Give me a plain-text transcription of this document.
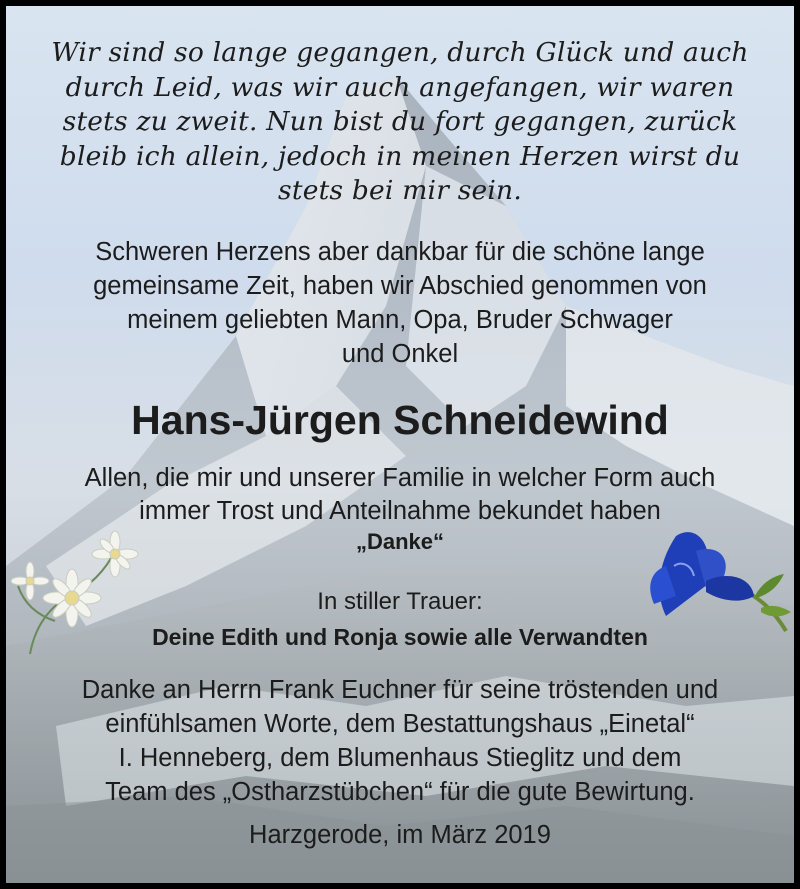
Wir sind so lange gegangen, durch Glück und auch
durch Leid, was wir auch angefangen, wir waren
stets zu zweit. Nun bist du fort gegangen, zurück
bleib ich allein, jedoch in meinen Herzen wirst du
stets bei mir sein.

Schweren Herzens aber dankbar für die schöne lange
gemeinsame Zeit, haben wir Abschied genommen von
meinem geliebten Mann, Opa, Bruder Schwager
und Onkel

Hans-Jürgen Schneidewind

Allen, die mir und unserer Familie in welcher Form auch
immer Trost und Anteilnahme bekundet haben

„Danke“

In stiller Trauer:

Deine Edith und Ronja sowie alle Verwandten

Danke an Herrn Frank Euchner für seine tröstenden und
einfühlsamen Worte, dem Bestattungshaus „Einetal“
I. Henneberg, dem Blumenhaus Stieglitz und dem
Team des „Ostharzstübchen“ für die gute Bewirtung.

Harzgerode, im März 2019
